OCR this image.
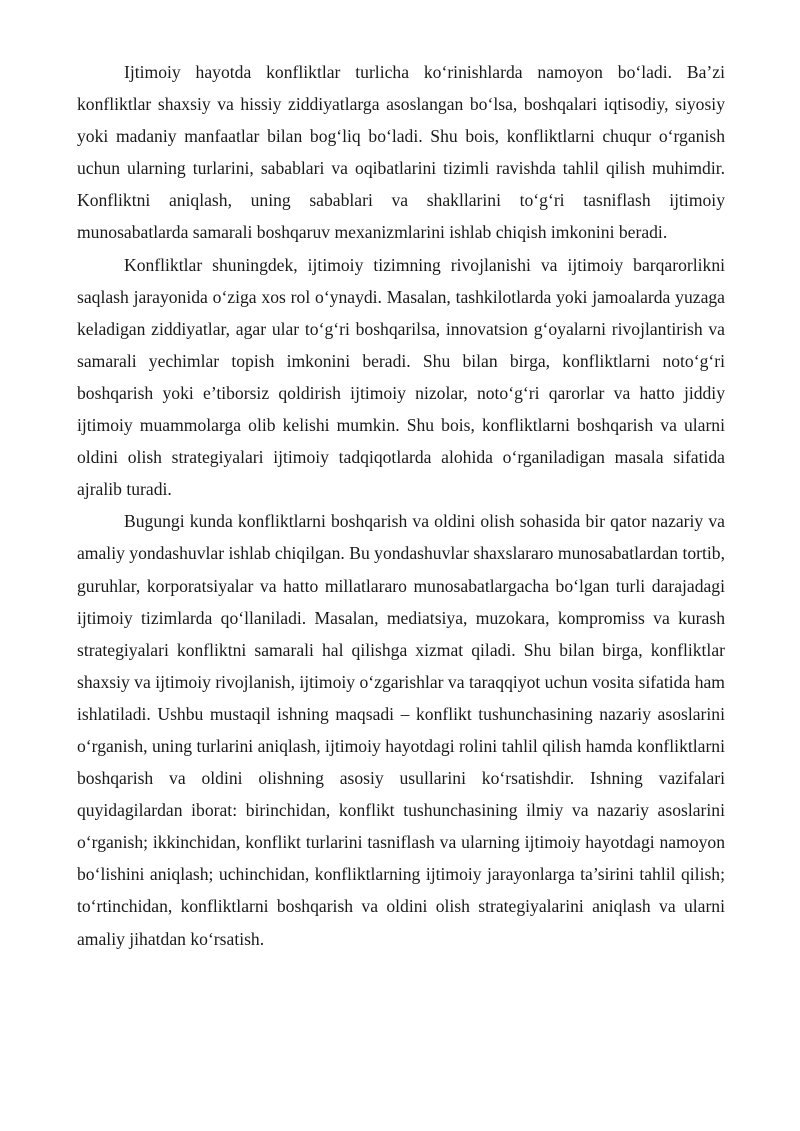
Ijtimoiy hayotda konfliktlar turlicha ko‘rinishlarda namoyon bo‘ladi. Ba’zi konfliktlar shaxsiy va hissiy ziddiyatlarga asoslangan bo‘lsa, boshqalari iqtisodiy, siyosiy yoki madaniy manfaatlar bilan bog‘liq bo‘ladi. Shu bois, konfliktlarni chuqur o‘rganish uchun ularning turlarini, sabablari va oqibatlarini tizimli ravishda tahlil qilish muhimdir. Konfliktni aniqlash, uning sabablari va shakllarini to‘g‘ri tasniflash ijtimoiy munosabatlarda samarali boshqaruv mexanizmlarini ishlab chiqish imkonini beradi.

Konfliktlar shuningdek, ijtimoiy tizimning rivojlanishi va ijtimoiy barqarorlikni saqlash jarayonida o‘ziga xos rol o‘ynaydi. Masalan, tashkilotlarda yoki jamoalarda yuzaga keladigan ziddiyatlar, agar ular to‘g‘ri boshqarilsa, innovatsion g‘oyalarni rivojlantirish va samarali yechimlar topish imkonini beradi. Shu bilan birga, konfliktlarni noto‘g‘ri boshqarish yoki e’tiborsiz qoldirish ijtimoiy nizolar, noto‘g‘ri qarorlar va hatto jiddiy ijtimoiy muammolarga olib kelishi mumkin. Shu bois, konfliktlarni boshqarish va ularni oldini olish strategiyalari ijtimoiy tadqiqotlarda alohida o‘rganiladigan masala sifatida ajralib turadi.

Bugungi kunda konfliktlarni boshqarish va oldini olish sohasida bir qator nazariy va amaliy yondashuvlar ishlab chiqilgan. Bu yondashuvlar shaxslararo munosabatlardan tortib, guruhlar, korporatsiyalar va hatto millatlararo munosabatlargacha bo‘lgan turli darajadagi ijtimoiy tizimlarda qo‘llaniladi. Masalan, mediatsiya, muzokara, kompromiss va kurash strategiyalari konfliktni samarali hal qilishga xizmat qiladi. Shu bilan birga, konfliktlar shaxsiy va ijtimoiy rivojlanish, ijtimoiy o‘zgarishlar va taraqqiyot uchun vosita sifatida ham ishlatiladi. Ushbu mustaqil ishning maqsadi – konflikt tushunchasining nazariy asoslarini o‘rganish, uning turlarini aniqlash, ijtimoiy hayotdagi rolini tahlil qilish hamda konfliktlarni boshqarish va oldini olishning asosiy usullarini ko‘rsatishdir. Ishning vazifalari quyidagilardan iborat: birinchidan, konflikt tushunchasining ilmiy va nazariy asoslarini o‘rganish; ikkinchidan, konflikt turlarini tasniflash va ularning ijtimoiy hayotdagi namoyon bo‘lishini aniqlash; uchinchidan, konfliktlarning ijtimoiy jarayonlarga ta’sirini tahlil qilish; to‘rtinchidan, konfliktlarni boshqarish va oldini olish strategiyalarini aniqlash va ularni amaliy jihatdan ko‘rsatish.
